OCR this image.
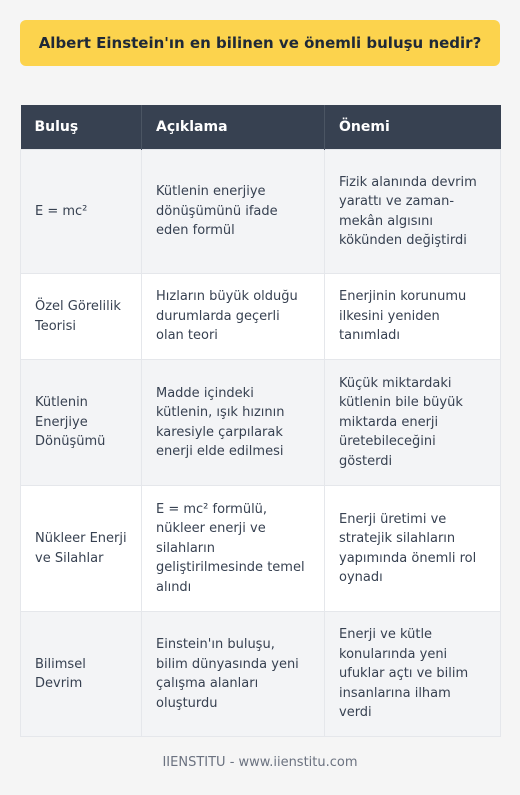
Albert Einstein'ın en bilinen ve önemli buluşu nedir?
Buluş	Açıklama	Önemi
E = mc²	Kütlenin enerjiye dönüşümünü ifade eden formül	Fizik alanında devrim yarattı ve zaman-mekân algısını kökünden değiştirdi
Özel Görelilik Teorisi	Hızların büyük olduğu durumlarda geçerli olan teori	Enerjinin korunumu ilkesini yeniden tanımladı
Kütlenin Enerjiye Dönüşümü	Madde içindeki kütlenin, ışık hızının karesiyle çarpılarak enerji elde edilmesi	Küçük miktardaki kütlenin bile büyük miktarda enerji üretebileceğini gösterdi
Nükleer Enerji ve Silahlar	E = mc² formülü, nükleer enerji ve silahların geliştirilmesinde temel alındı	Enerji üretimi ve stratejik silahların yapımında önemli rol oynadı
Bilimsel Devrim	Einstein'ın buluşu, bilim dünyasında yeni çalışma alanları oluşturdu	Enerji ve kütle konularında yeni ufuklar açtı ve bilim insanlarına ilham verdi
IIENSTITU - www.iienstitu.com
